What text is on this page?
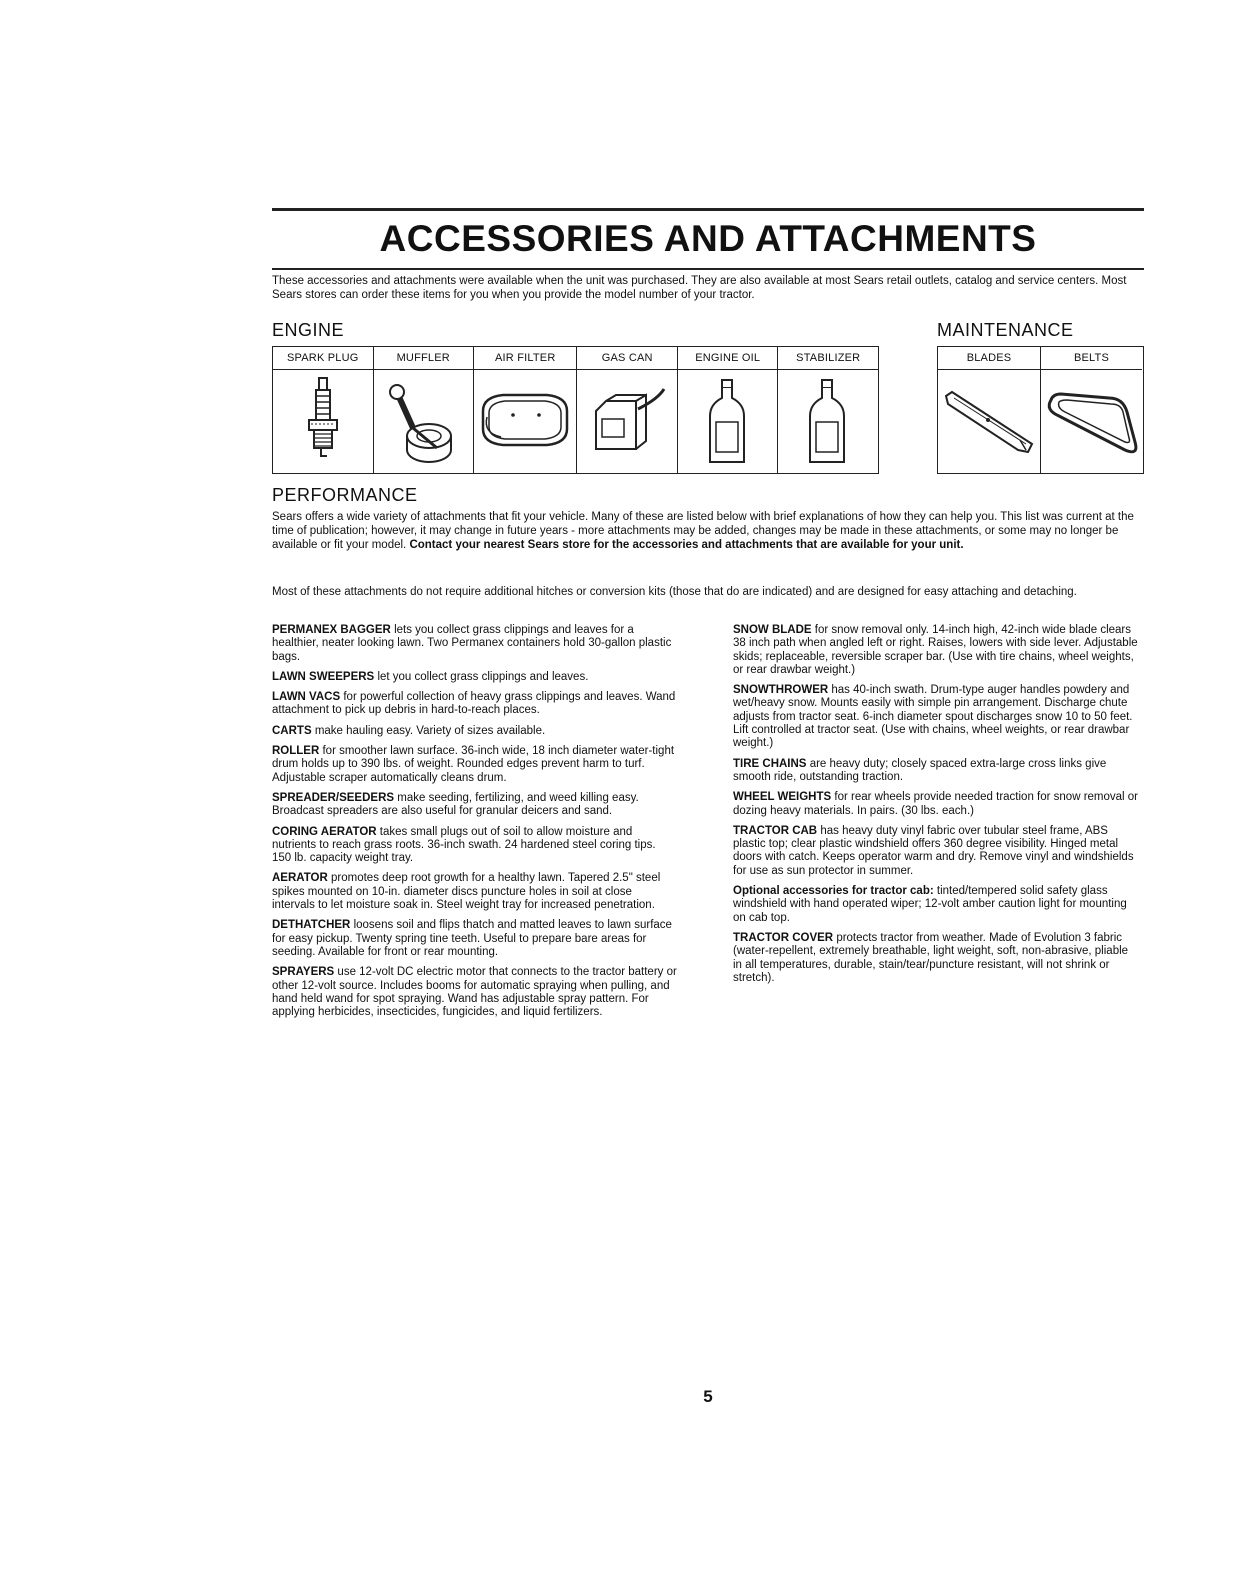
ACCESSORIES AND ATTACHMENTS

These accessories and attachments were available when the unit was purchased. They are also available at most Sears retail outlets, catalog and service centers. Most Sears stores can order these items for you when you provide the model number of your tractor.

ENGINE
SPARK PLUG	MUFFLER	AIR FILTER	GAS CAN	ENGINE OIL	STABILIZER
MAINTENANCE
BLADES	BELTS
PERFORMANCE

Sears offers a wide variety of attachments that fit your vehicle. Many of these are listed below with brief explanations of how they can help you. This list was current at the time of publication; however, it may change in future years - more attachments may be added, changes may be made in these attachments, or some may no longer be available or fit your model. Contact your nearest Sears store for the accessories and attachments that are available for your unit.

Most of these attachments do not require additional hitches or conversion kits (those that do are indicated) and are designed for easy attaching and detaching.

PERMANEX BAGGER lets you collect grass clippings and leaves for a healthier, neater looking lawn. Two Permanex containers hold 30-gallon plastic bags.

LAWN SWEEPERS let you collect grass clippings and leaves.

LAWN VACS for powerful collection of heavy grass clippings and leaves. Wand attachment to pick up debris in hard-to-reach places.

CARTS make hauling easy. Variety of sizes available.

ROLLER for smoother lawn surface. 36-inch wide, 18 inch diameter water-tight drum holds up to 390 lbs. of weight. Rounded edges prevent harm to turf. Adjustable scraper automatically cleans drum.

SPREADER/SEEDERS make seeding, fertilizing, and weed killing easy. Broadcast spreaders are also useful for granular deicers and sand.

CORING AERATOR takes small plugs out of soil to allow moisture and nutrients to reach grass roots. 36-inch swath. 24 hardened steel coring tips. 150 lb. capacity weight tray.

AERATOR promotes deep root growth for a healthy lawn. Tapered 2.5" steel spikes mounted on 10-in. diameter discs puncture holes in soil at close intervals to let moisture soak in. Steel weight tray for increased penetration.

DETHATCHER loosens soil and flips thatch and matted leaves to lawn surface for easy pickup. Twenty spring tine teeth. Useful to prepare bare areas for seeding. Available for front or rear mounting.

SPRAYERS use 12-volt DC electric motor that connects to the tractor battery or other 12-volt source. Includes booms for automatic spraying when pulling, and hand held wand for spot spraying. Wand has adjustable spray pattern. For applying herbicides, insecticides, fungicides, and liquid fertilizers.

SNOW BLADE for snow removal only. 14-inch high, 42-inch wide blade clears 38 inch path when angled left or right. Raises, lowers with side lever. Adjustable skids; replaceable, reversible scraper bar. (Use with tire chains, wheel weights, or rear drawbar weight.)

SNOWTHROWER has 40-inch swath. Drum-type auger handles powdery and wet/heavy snow. Mounts easily with simple pin arrangement. Discharge chute adjusts from tractor seat. 6-inch diameter spout discharges snow 10 to 50 feet. Lift controlled at tractor seat. (Use with chains, wheel weights, or rear drawbar weight.)

TIRE CHAINS are heavy duty; closely spaced extra-large cross links give smooth ride, outstanding traction.

WHEEL WEIGHTS for rear wheels provide needed traction for snow removal or dozing heavy materials. In pairs. (30 lbs. each.)

TRACTOR CAB has heavy duty vinyl fabric over tubular steel frame, ABS plastic top; clear plastic windshield offers 360 degree visibility. Hinged metal doors with catch. Keeps operator warm and dry. Remove vinyl and windshields for use as sun protector in summer.

Optional accessories for tractor cab: tinted/tempered solid safety glass windshield with hand operated wiper; 12-volt amber caution light for mounting on cab top.

TRACTOR COVER protects tractor from weather. Made of Evolution 3 fabric (water-repellent, extremely breathable, light weight, soft, non-abrasive, pliable in all temperatures, durable, stain/tear/puncture resistant, will not shrink or stretch).

5
